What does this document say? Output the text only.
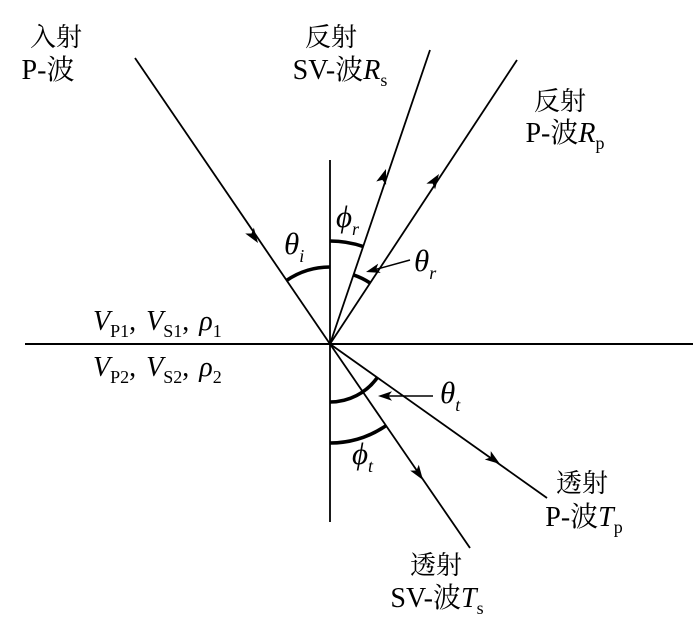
入射
P-波
反射
SV-波$R_s$
反射
P-波$R_p$
透射
P-波$T_p$
透射
SV-波$T_s$
$V_{P1}$, $V_{S1}$, $\rho_1$
$V_{P2}$, $V_{S2}$, $\rho_2$
$\theta_i$
$\phi_r$
$\theta_r$
$\theta_t$
$\phi_t$
